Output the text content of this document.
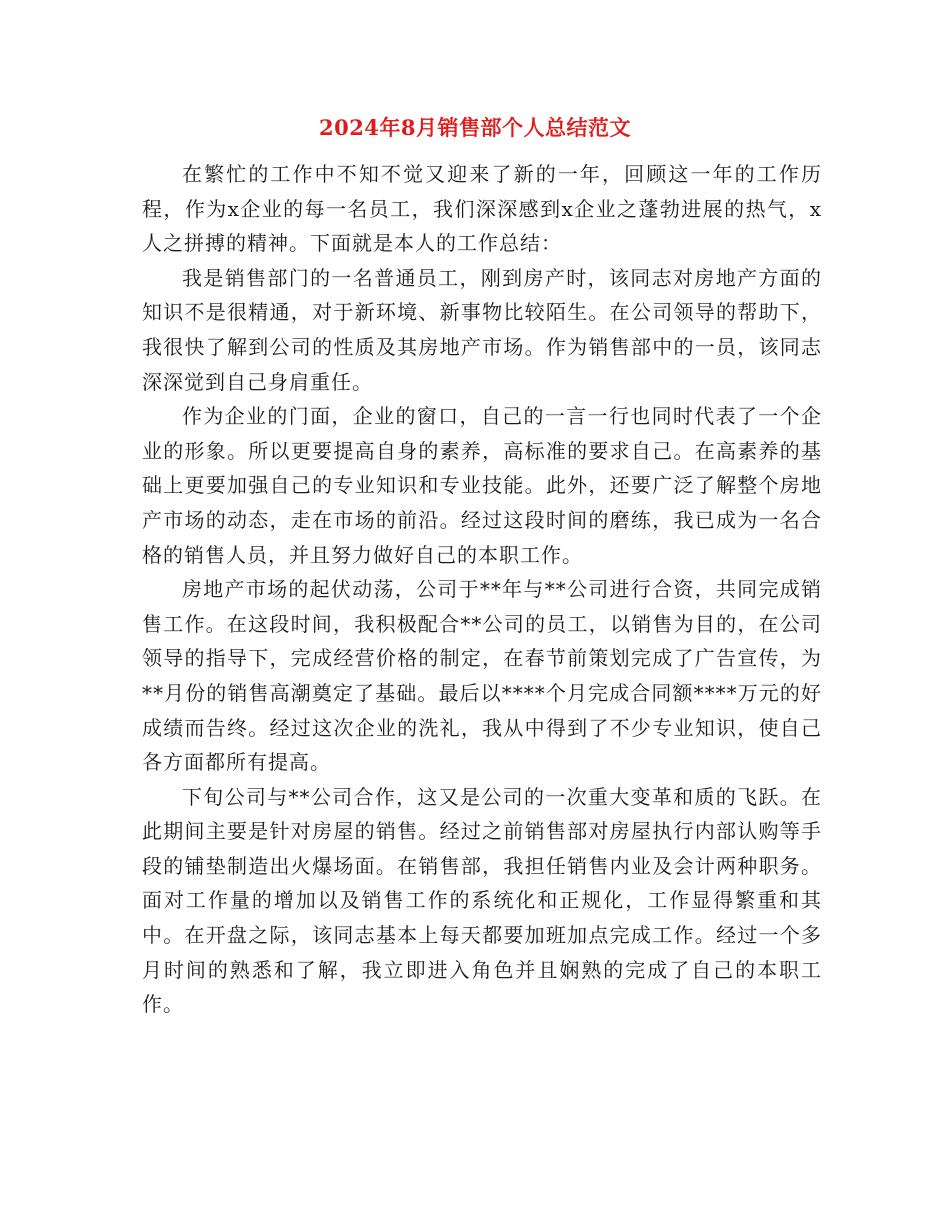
2024年8月销售部个人总结范文

在繁忙的工作中不知不觉又迎来了新的一年，回顾这一年的工作历程，作为x企业的每一名员工，我们深深感到x企业之蓬勃进展的热气，x人之拼搏的精神。下面就是本人的工作总结：

我是销售部门的一名普通员工，刚到房产时，该同志对房地产方面的知识不是很精通，对于新环境、新事物比较陌生。在公司领导的帮助下，我很快了解到公司的性质及其房地产市场。作为销售部中的一员，该同志深深觉到自己身肩重任。

作为企业的门面，企业的窗口，自己的一言一行也同时代表了一个企业的形象。所以更要提高自身的素养，高标准的要求自己。在高素养的基础上更要加强自己的专业知识和专业技能。此外，还要广泛了解整个房地产市场的动态，走在市场的前沿。经过这段时间的磨练，我已成为一名合格的销售人员，并且努力做好自己的本职工作。

房地产市场的起伏动荡，公司于**年与**公司进行合资，共同完成销售工作。在这段时间，我积极配合**公司的员工，以销售为目的，在公司领导的指导下，完成经营价格的制定，在春节前策划完成了广告宣传，为**月份的销售高潮奠定了基础。最后以****个月完成合同额****万元的好成绩而告终。经过这次企业的洗礼，我从中得到了不少专业知识，使自己各方面都所有提高。

下旬公司与**公司合作，这又是公司的一次重大变革和质的飞跃。在此期间主要是针对房屋的销售。经过之前销售部对房屋执行内部认购等手段的铺垫制造出火爆场面。在销售部，我担任销售内业及会计两种职务。面对工作量的增加以及销售工作的系统化和正规化，工作显得繁重和其中。在开盘之际，该同志基本上每天都要加班加点完成工作。经过一个多月时间的熟悉和了解，我立即进入角色并且娴熟的完成了自己的本职工作。
